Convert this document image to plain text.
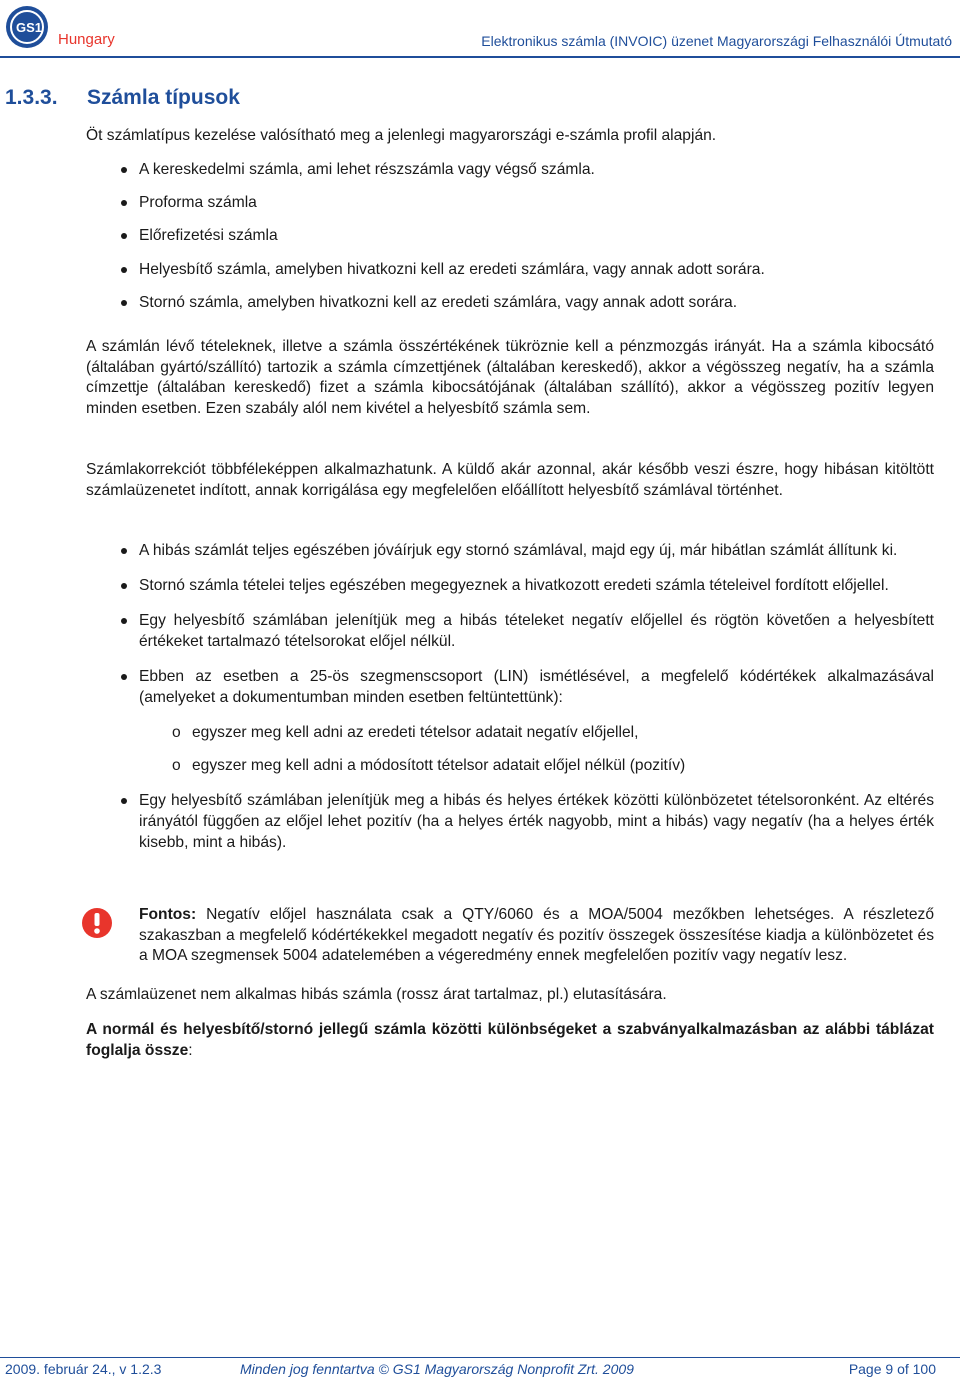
GS1
Hungary	Elektronikus számla (INVOIC) üzenet Magyarországi Felhasználói Útmutató
1.3.3. Számla típusok

Öt számlatípus kezelése valósítható meg a jelenlegi magyarországi e-számla profil alapján.

A kereskedelmi számla, ami lehet részszámla vagy végső számla.
Proforma számla
Előrefizetési számla
Helyesbítő számla, amelyben hivatkozni kell az eredeti számlára, vagy annak adott sorára.
Stornó számla, amelyben hivatkozni kell az eredeti számlára, vagy annak adott sorára.

A számlán lévő tételeknek, illetve a számla összértékének tükröznie kell a pénzmozgás irányát. Ha a számla kibocsátó (általában gyártó/szállító) tartozik a számla címzettjének (általában kereskedő), akkor a végösszeg negatív, ha a számla címzettje (általában kereskedő) fizet a számla kibocsátójának (általában szállító), akkor a végösszeg pozitív legyen minden esetben. Ezen szabály alól nem kivétel a helyesbítő számla sem.

Számlakorrekciót többféleképpen alkalmazhatunk. A küldő akár azonnal, akár később veszi észre, hogy hibásan kitöltött számlaüzenetet indított, annak korrigálása egy megfelelően előállított helyesbítő számlával történhet.

A hibás számlát teljes egészében jóváírjuk egy stornó számlával, majd egy új, már hibátlan számlát állítunk ki.
Stornó számla tételei teljes egészében megegyeznek a hivatkozott eredeti számla tételeivel fordított előjellel.
Egy helyesbítő számlában jelenítjük meg a hibás tételeket negatív előjellel és rögtön követően a helyesbített értékeket tartalmazó tételsorokat előjel nélkül.
Ebben az esetben a 25-ös szegmenscsoport (LIN) ismétlésével, a megfelelő kódértékek alkalmazásával (amelyeket a dokumentumban minden esetben feltüntettünk):
o egyszer meg kell adni az eredeti tételsor adatait negatív előjellel,
o egyszer meg kell adni a módosított tételsor adatait előjel nélkül (pozitív)
Egy helyesbítő számlában jelenítjük meg a hibás és helyes értékek közötti különbözetet tételsoronként. Az eltérés irányától függően az előjel lehet pozitív (ha a helyes érték nagyobb, mint a hibás) vagy negatív (ha a helyes érték kisebb, mint a hibás).

Fontos: Negatív előjel használata csak a QTY/6060 és a MOA/5004 mezőkben lehetséges. A részletező szakaszban a megfelelő kódértékekkel megadott negatív és pozitív összegek összesítése kiadja a különbözetet és a MOA szegmensek 5004 adatelemében a végeredmény ennek megfelelően pozitív vagy negatív lesz.

A számlaüzenet nem alkalmas hibás számla (rossz árat tartalmaz, pl.) elutasítására.

A normál és helyesbítő/stornó jellegű számla közötti különbségeket a szabványalkalmazásban az alábbi táblázat foglalja össze:

2009. február 24., v 1.2.3	Minden jog fenntartva © GS1 Magyarország Nonprofit Zrt. 2009	Page 9 of 100
